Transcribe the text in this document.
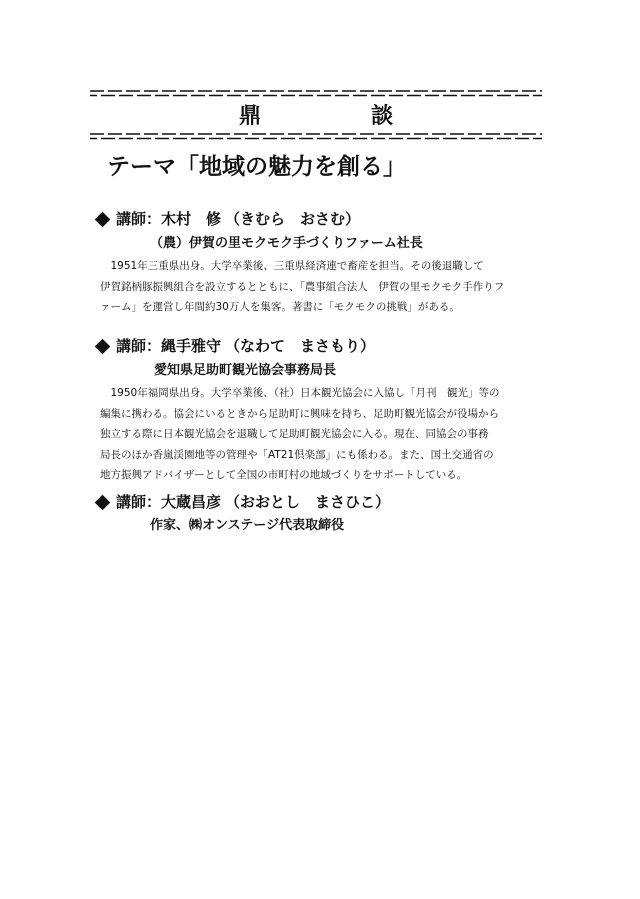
鼎	談
テーマ「地域の魅力を創る」
講師： 木村　修 （きむら　おさむ）
（農）伊賀の里モクモク手づくりファーム社長
　1951年三重県出身。大学卒業後、三重県経済連で畜産を担当。その後退職して
伊賀銘柄豚振興組合を設立するとともに、「農事組合法人　伊賀の里モクモク手作りフ
ァーム」を運営し年間約30万人を集客。著書に「モクモクの挑戦」がある。
講師： 縄手雅守 （なわて　まさもり）
愛知県足助町観光協会事務局長
　1950年福岡県出身。大学卒業後、（社）日本観光協会に入協し「月刊　観光」等の
編集に携わる。協会にいるときから足助町に興味を持ち、足助町観光協会が役場から
独立する際に日本観光協会を退職して足助町観光協会に入る。現在、同協会の事務
局長のほか香嵐渓園地等の管理や「AT21倶楽部」にも係わる。また、国土交通省の
地方振興アドバイザーとして全国の市町村の地域づくりをサポートしている。
講師： 大蔵昌彦 （おおとし　まさひこ）
作家、㈱オンステージ代表取締役
